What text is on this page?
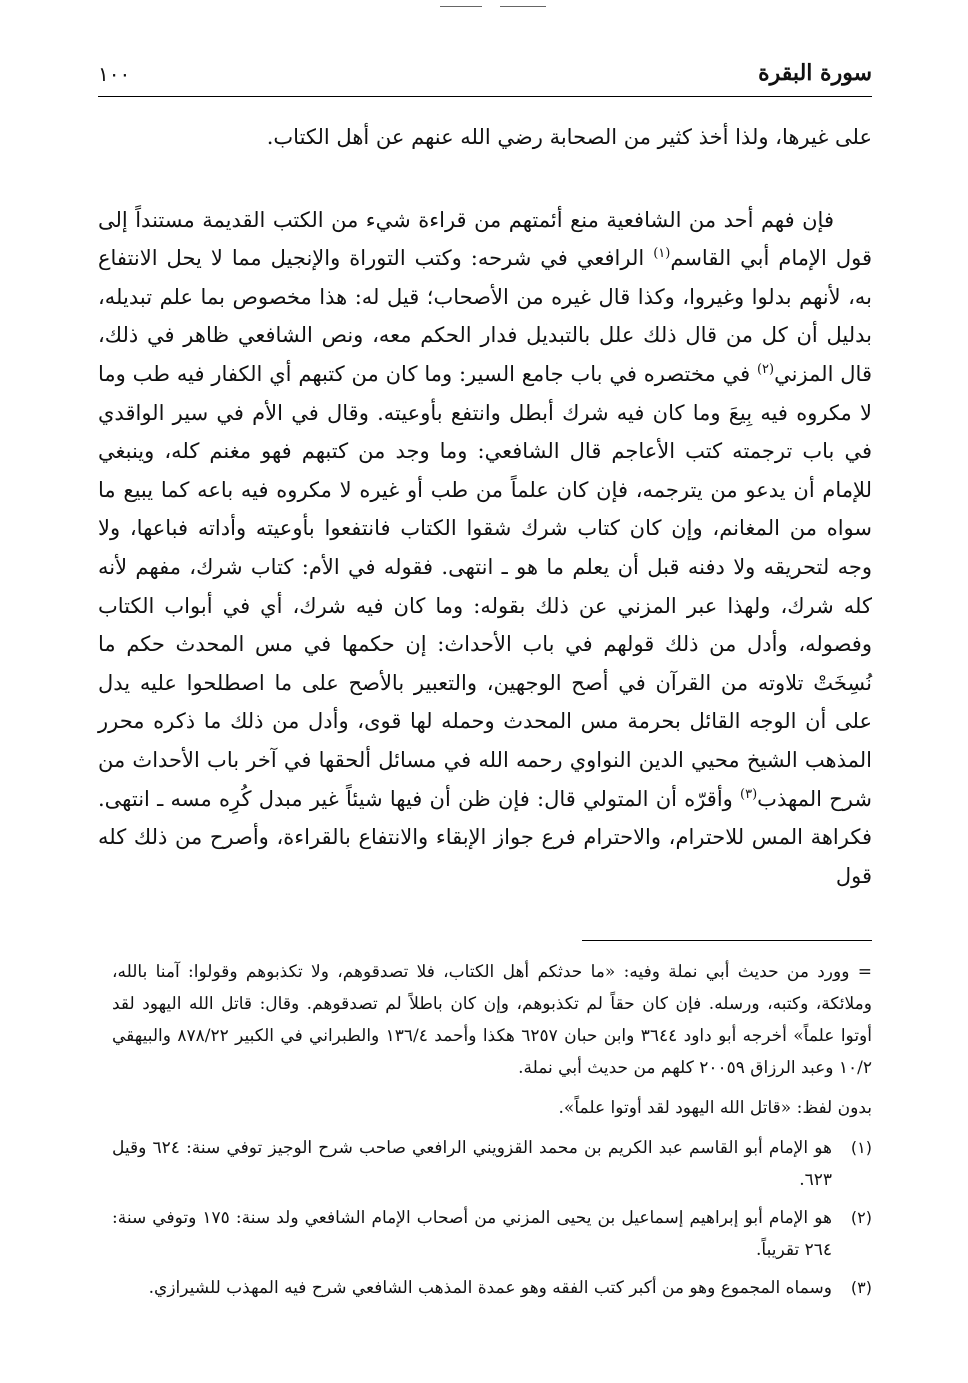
١٠٠	سورة البقرة

على غيرها، ولذا أخذ كثير من الصحابة رضي الله عنهم عن أهل الكتاب.

فإن فهم أحد من الشافعية منع أئمتهم من قراءة شيء من الكتب القديمة مستنداً إلى قول الإمام أبي القاسم$^{(١)}$ الرافعي في شرحه: وكتب التوراة والإنجيل مما لا يحل الانتفاع به، لأنهم بدلوا وغيروا، وكذا قال غيره من الأصحاب؛ قيل له: هذا مخصوص بما علم تبديله، بدليل أن كل من قال ذلك علل بالتبديل فدار الحكم معه، ونص الشافعي ظاهر في ذلك، قال المزني$^{(٢)}$ في مختصره في باب جامع السير: وما كان من كتبهم أي الكفار فيه طب وما لا مكروه فيه بِيعَ وما كان فيه شرك أبطل وانتفع بأوعيته. وقال في الأم في سير الواقدي في باب ترجمته كتب الأعاجم قال الشافعي: وما وجد من كتبهم فهو مغنم كله، وينبغي للإمام أن يدعو من يترجمه، فإن كان علماً من طب أو غيره لا مكروه فيه باعه كما يبيع ما سواه من المغانم، وإن كان كتاب شرك شقوا الكتاب فانتفعوا بأوعيته وأداته فباعها، ولا وجه لتحريقه ولا دفنه قبل أن يعلم ما هو ـ انتهى. فقوله في الأم: كتاب شرك، مفهم لأنه كله شرك، ولهذا عبر المزني عن ذلك بقوله: وما كان فيه شرك، أي في أبواب الكتاب وفصوله، وأدل من ذلك قولهم في باب الأحداث: إن حكمها في مس المحدث حكم ما نُسِخَتْ تلاوته من القرآن في أصح الوجهين، والتعبير بالأصح على ما اصطلحوا عليه يدل على أن الوجه القائل بحرمة مس المحدث وحمله لها قوى، وأدل من ذلك ما ذكره محرر المذهب الشيخ محيي الدين النواوي رحمه الله في مسائل ألحقها في آخر باب الأحداث من شرح المهذب$^{(٣)}$ وأقرّه أن المتولي قال: فإن ظن أن فيها شيئاً غير مبدل كُرِه مسه ـ انتهى. فكراهة المس للاحترام، والاحترام فرع جواز الإبقاء والانتفاع بالقراءة، وأصرح من ذلك كله قول

= وورد من حديث أبي نملة وفيه: «ما حدثكم أهل الكتاب، فلا تصدقوهم، ولا تكذبوهم وقولوا: آمنا بالله، وملائكة، وكتبه، ورسله. فإن كان حقاً لم تكذبوهم، وإن كان باطلاً لم تصدقوهم. وقال: قاتل الله اليهود لقد أوتوا علماً» أخرجه أبو داود ٣٦٤٤ وابن حبان ٦٢٥٧ هكذا وأحمد ١٣٦/٤ والطبراني في الكبير ٨٧٨/٢٢ والبيهقي ١٠/٢ وعبد الرزاق ٢٠٠٥٩ كلهم من حديث أبي نملة.

بدون لفظ: «قاتل الله اليهود لقد أوتوا علماً».

(١)
هو الإمام أبو القاسم عبد الكريم بن محمد القزويني الرافعي صاحب شرح الوجيز توفي سنة: ٦٢٤ وقيل ٦٢٣.
(٢)
هو الإمام أبو إبراهيم إسماعيل بن يحيى المزني من أصحاب الإمام الشافعي ولد سنة: ١٧٥ وتوفي سنة: ٢٦٤ تقريباً.
(٣)
وسماه المجموع وهو من أكبر كتب الفقه وهو عمدة المذهب الشافعي شرح فيه المهذب للشيرازي.
